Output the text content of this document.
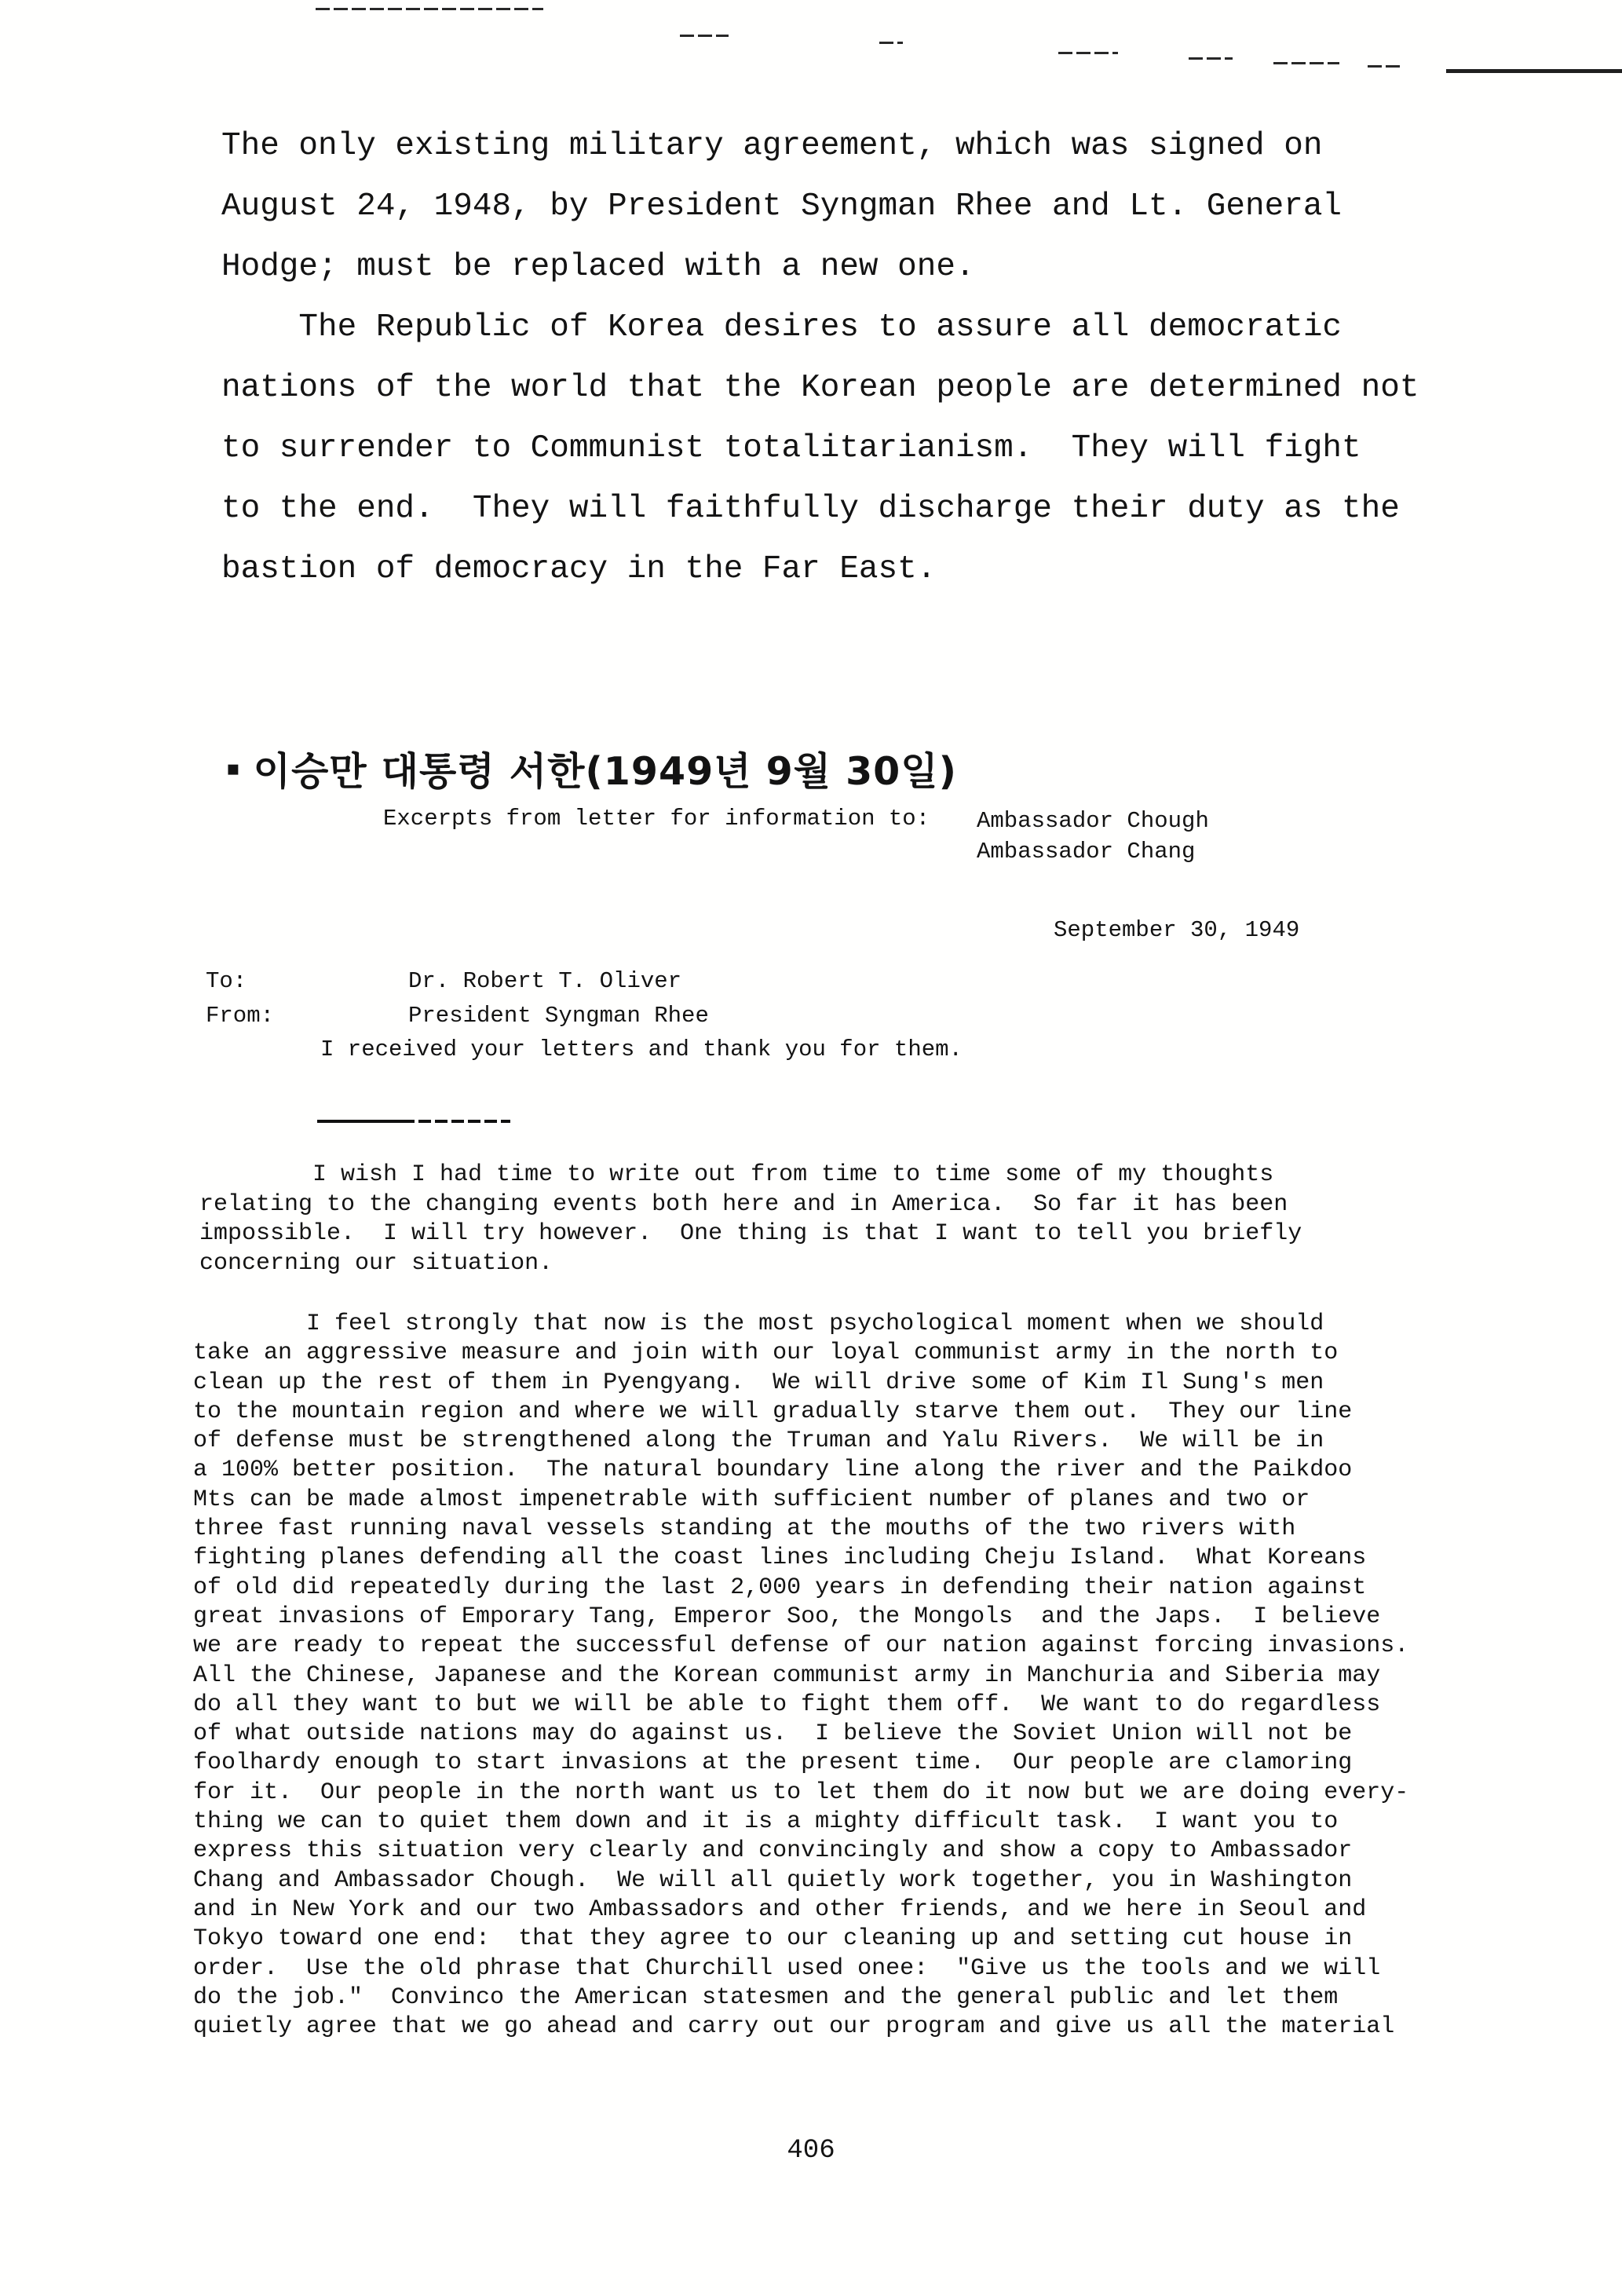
The only existing military agreement, which was signed on
August 24, 1948, by President Syngman Rhee and Lt. General
Hodge; must be replaced with a new one.
The Republic of Korea desires to assure all democratic
nations of the world that the Korean people are determined not
to surrender to Communist totalitarianism.  They will fight
to the end.  They will faithfully discharge their duty as the
bastion of democracy in the Far East.
▪ 이승만 대통령 서한(1949년 9월 30일)
Excerpts from letter for information to: Ambassador Chough
Ambassador Chang
September 30, 1949
To:	Dr. Robert T. Oliver
From:	President Syngman Rhee
I received your letters and thank you for them.
I wish I had time to write out from time to time some of my thoughts
relating to the changing events both here and in America.  So far it has been
impossible.  I will try however.  One thing is that I want to tell you briefly
concerning our situation.
I feel strongly that now is the most psychological moment when we should
take an aggressive measure and join with our loyal communist army in the north to
clean up the rest of them in Pyengyang.  We will drive some of Kim Il Sung's men
to the mountain region and where we will gradually starve them out.  They our line
of defense must be strengthened along the Truman and Yalu Rivers.  We will be in
a 100% better position.  The natural boundary line along the river and the Paikdoo
Mts can be made almost impenetrable with sufficient number of planes and two or
three fast running naval vessels standing at the mouths of the two rivers with
fighting planes defending all the coast lines including Cheju Island.  What Koreans
of old did repeatedly during the last 2,000 years in defending their nation against
great invasions of Emporary Tang, Emperor Soo, the Mongols  and the Japs.  I believe
we are ready to repeat the successful defense of our nation against forcing invasions.
All the Chinese, Japanese and the Korean communist army in Manchuria and Siberia may
do all they want to but we will be able to fight them off.  We want to do regardless
of what outside nations may do against us.  I believe the Soviet Union will not be
foolhardy enough to start invasions at the present time.  Our people are clamoring
for it.  Our people in the north want us to let them do it now but we are doing every-
thing we can to quiet them down and it is a mighty difficult task.  I want you to
express this situation very clearly and convincingly and show a copy to Ambassador
Chang and Ambassador Chough.  We will all quietly work together, you in Washington
and in New York and our two Ambassadors and other friends, and we here in Seoul and
Tokyo toward one end:  that they agree to our cleaning up and setting cut house in
order.  Use the old phrase that Churchill used onee:  "Give us the tools and we will
do the job."  Convinco the American statesmen and the general public and let them
quietly agree that we go ahead and carry out our program and give us all the material
406
